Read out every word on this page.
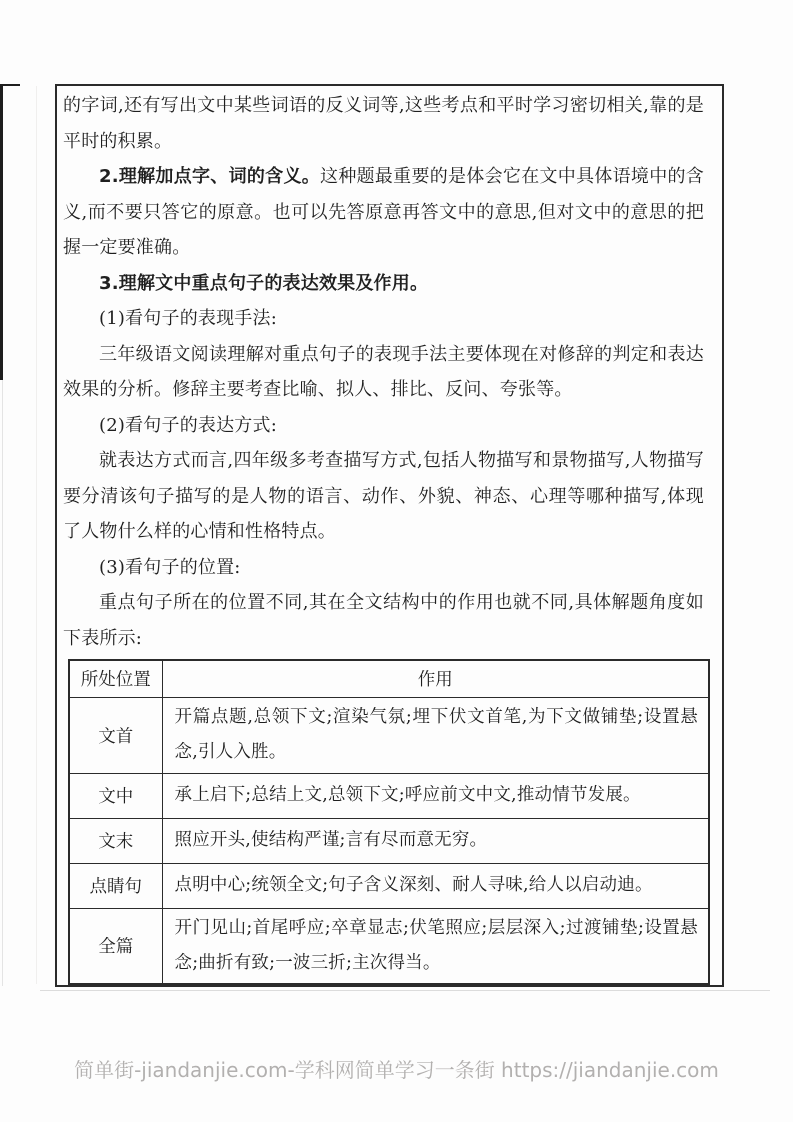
的字词,还有写出文中某些词语的反义词等,这些考点和平时学习密切相关,靠的是平时的积累。

2.理解加点字、词的含义。这种题最重要的是体会它在文中具体语境中的含义,而不要只答它的原意。也可以先答原意再答文中的意思,但对文中的意思的把握一定要准确。

3.理解文中重点句子的表达效果及作用。

(1)看句子的表现手法:

三年级语文阅读理解对重点句子的表现手法主要体现在对修辞的判定和表达效果的分析。修辞主要考查比喻、拟人、排比、反问、夸张等。

(2)看句子的表达方式:

就表达方式而言,四年级多考查描写方式,包括人物描写和景物描写,人物描写要分清该句子描写的是人物的语言、动作、外貌、神态、心理等哪种描写,体现了人物什么样的心情和性格特点。

(3)看句子的位置:

重点句子所在的位置不同,其在全文结构中的作用也就不同,具体解题角度如下表所示:

所处位置	作用
文首	开篇点题,总领下文;渲染气氛;埋下伏文首笔,为下文做铺垫;设置悬念,引人入胜。
文中	承上启下;总结上文,总领下文;呼应前文中文,推动情节发展。
文末	照应开头,使结构严谨;言有尽而意无穷。
点睛句	点明中心;统领全文;句子含义深刻、耐人寻味,给人以启动迪。
全篇	开门见山;首尾呼应;卒章显志;伏笔照应;层层深入;过渡铺垫;设置悬念;曲折有致;一波三折;主次得当。
简单街-jiandanjie.com-学科网简单学习一条街 https://jiandanjie.com
